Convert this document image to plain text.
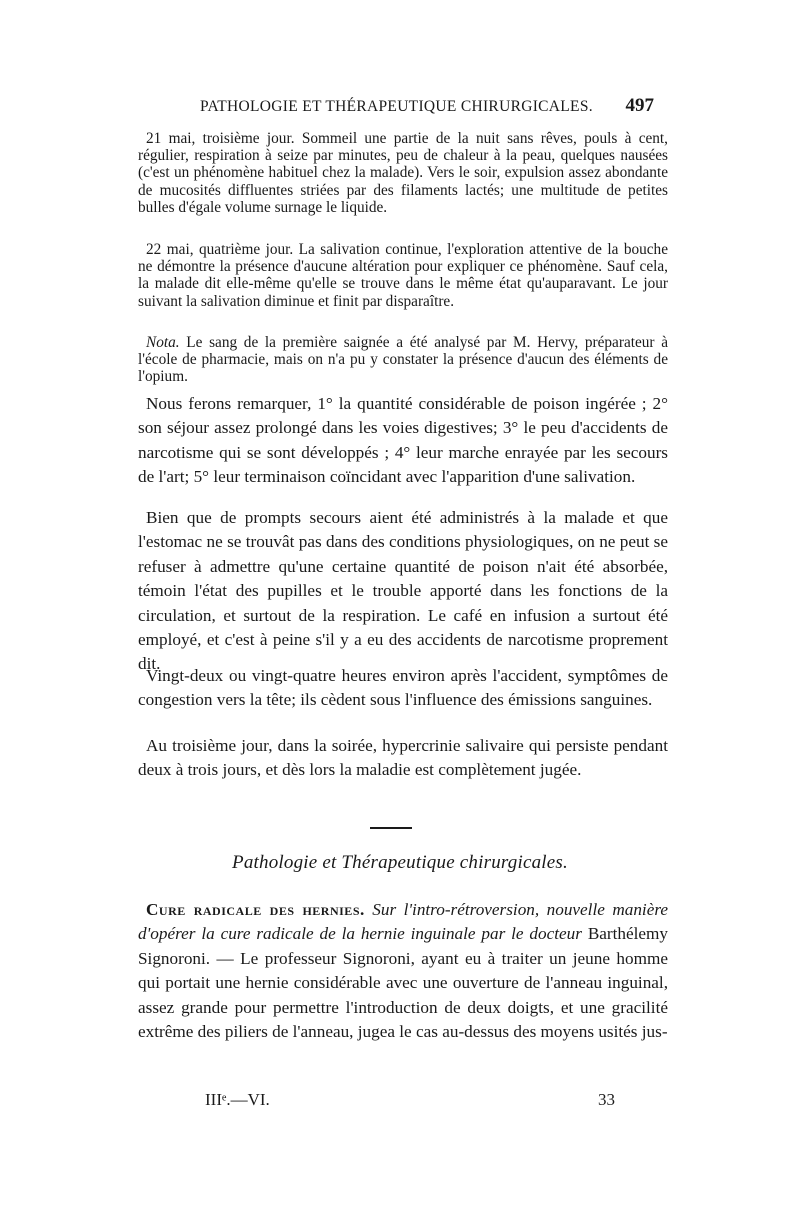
PATHOLOGIE ET THÉRAPEUTIQUE CHIRURGICALES. 497
21 mai, troisième jour. Sommeil une partie de la nuit sans rêves, pouls à cent, régulier, respiration à seize par minutes, peu de chaleur à la peau, quelques nausées (c'est un phénomène habituel chez la malade). Vers le soir, expulsion assez abondante de mucosités diffluentes striées par des filaments lactés; une multitude de petites bulles d'égale volume surnage le liquide.
22 mai, quatrième jour. La salivation continue, l'exploration attentive de la bouche ne démontre la présence d'aucune altération pour expliquer ce phénomène. Sauf cela, la malade dit elle-même qu'elle se trouve dans le même état qu'auparavant. Le jour suivant la salivation diminue et finit par disparaître.
Nota. Le sang de la première saignée a été analysé par M. Hervy, préparateur à l'école de pharmacie, mais on n'a pu y constater la présence d'aucun des éléments de l'opium.
Nous ferons remarquer, 1° la quantité considérable de poison ingérée ; 2° son séjour assez prolongé dans les voies digestives; 3° le peu d'accidents de narcotisme qui se sont développés ; 4° leur marche enrayée par les secours de l'art; 5° leur terminaison coïncidant avec l'apparition d'une salivation.
Bien que de prompts secours aient été administrés à la malade et que l'estomac ne se trouvât pas dans des conditions physiologiques, on ne peut se refuser à admettre qu'une certaine quantité de poison n'ait été absorbée, témoin l'état des pupilles et le trouble apporté dans les fonctions de la circulation, et surtout de la respiration. Le café en infusion a surtout été employé, et c'est à peine s'il y a eu des accidents de narcotisme proprement dit.
Vingt-deux ou vingt-quatre heures environ après l'accident, symptômes de congestion vers la tête; ils cèdent sous l'influence des émissions sanguines.
Au troisième jour, dans la soirée, hypercrinie salivaire qui persiste pendant deux à trois jours, et dès lors la maladie est complètement jugée.
Pathologie et Thérapeutique chirurgicales.
Cure radicale des hernies. Sur l'intro-rétroversion, nouvelle manière d'opérer la cure radicale de la hernie inguinale par le docteur Barthélemy Signoroni. — Le professeur Signoroni, ayant eu à traiter un jeune homme qui portait une hernie considérable avec une ouverture de l'anneau inguinal, assez grande pour permettre l'introduction de deux doigts, et une gracilité extrême des piliers de l'anneau, jugea le cas au-dessus des moyens usités jus-
IIIᵉ.—VI.	33
